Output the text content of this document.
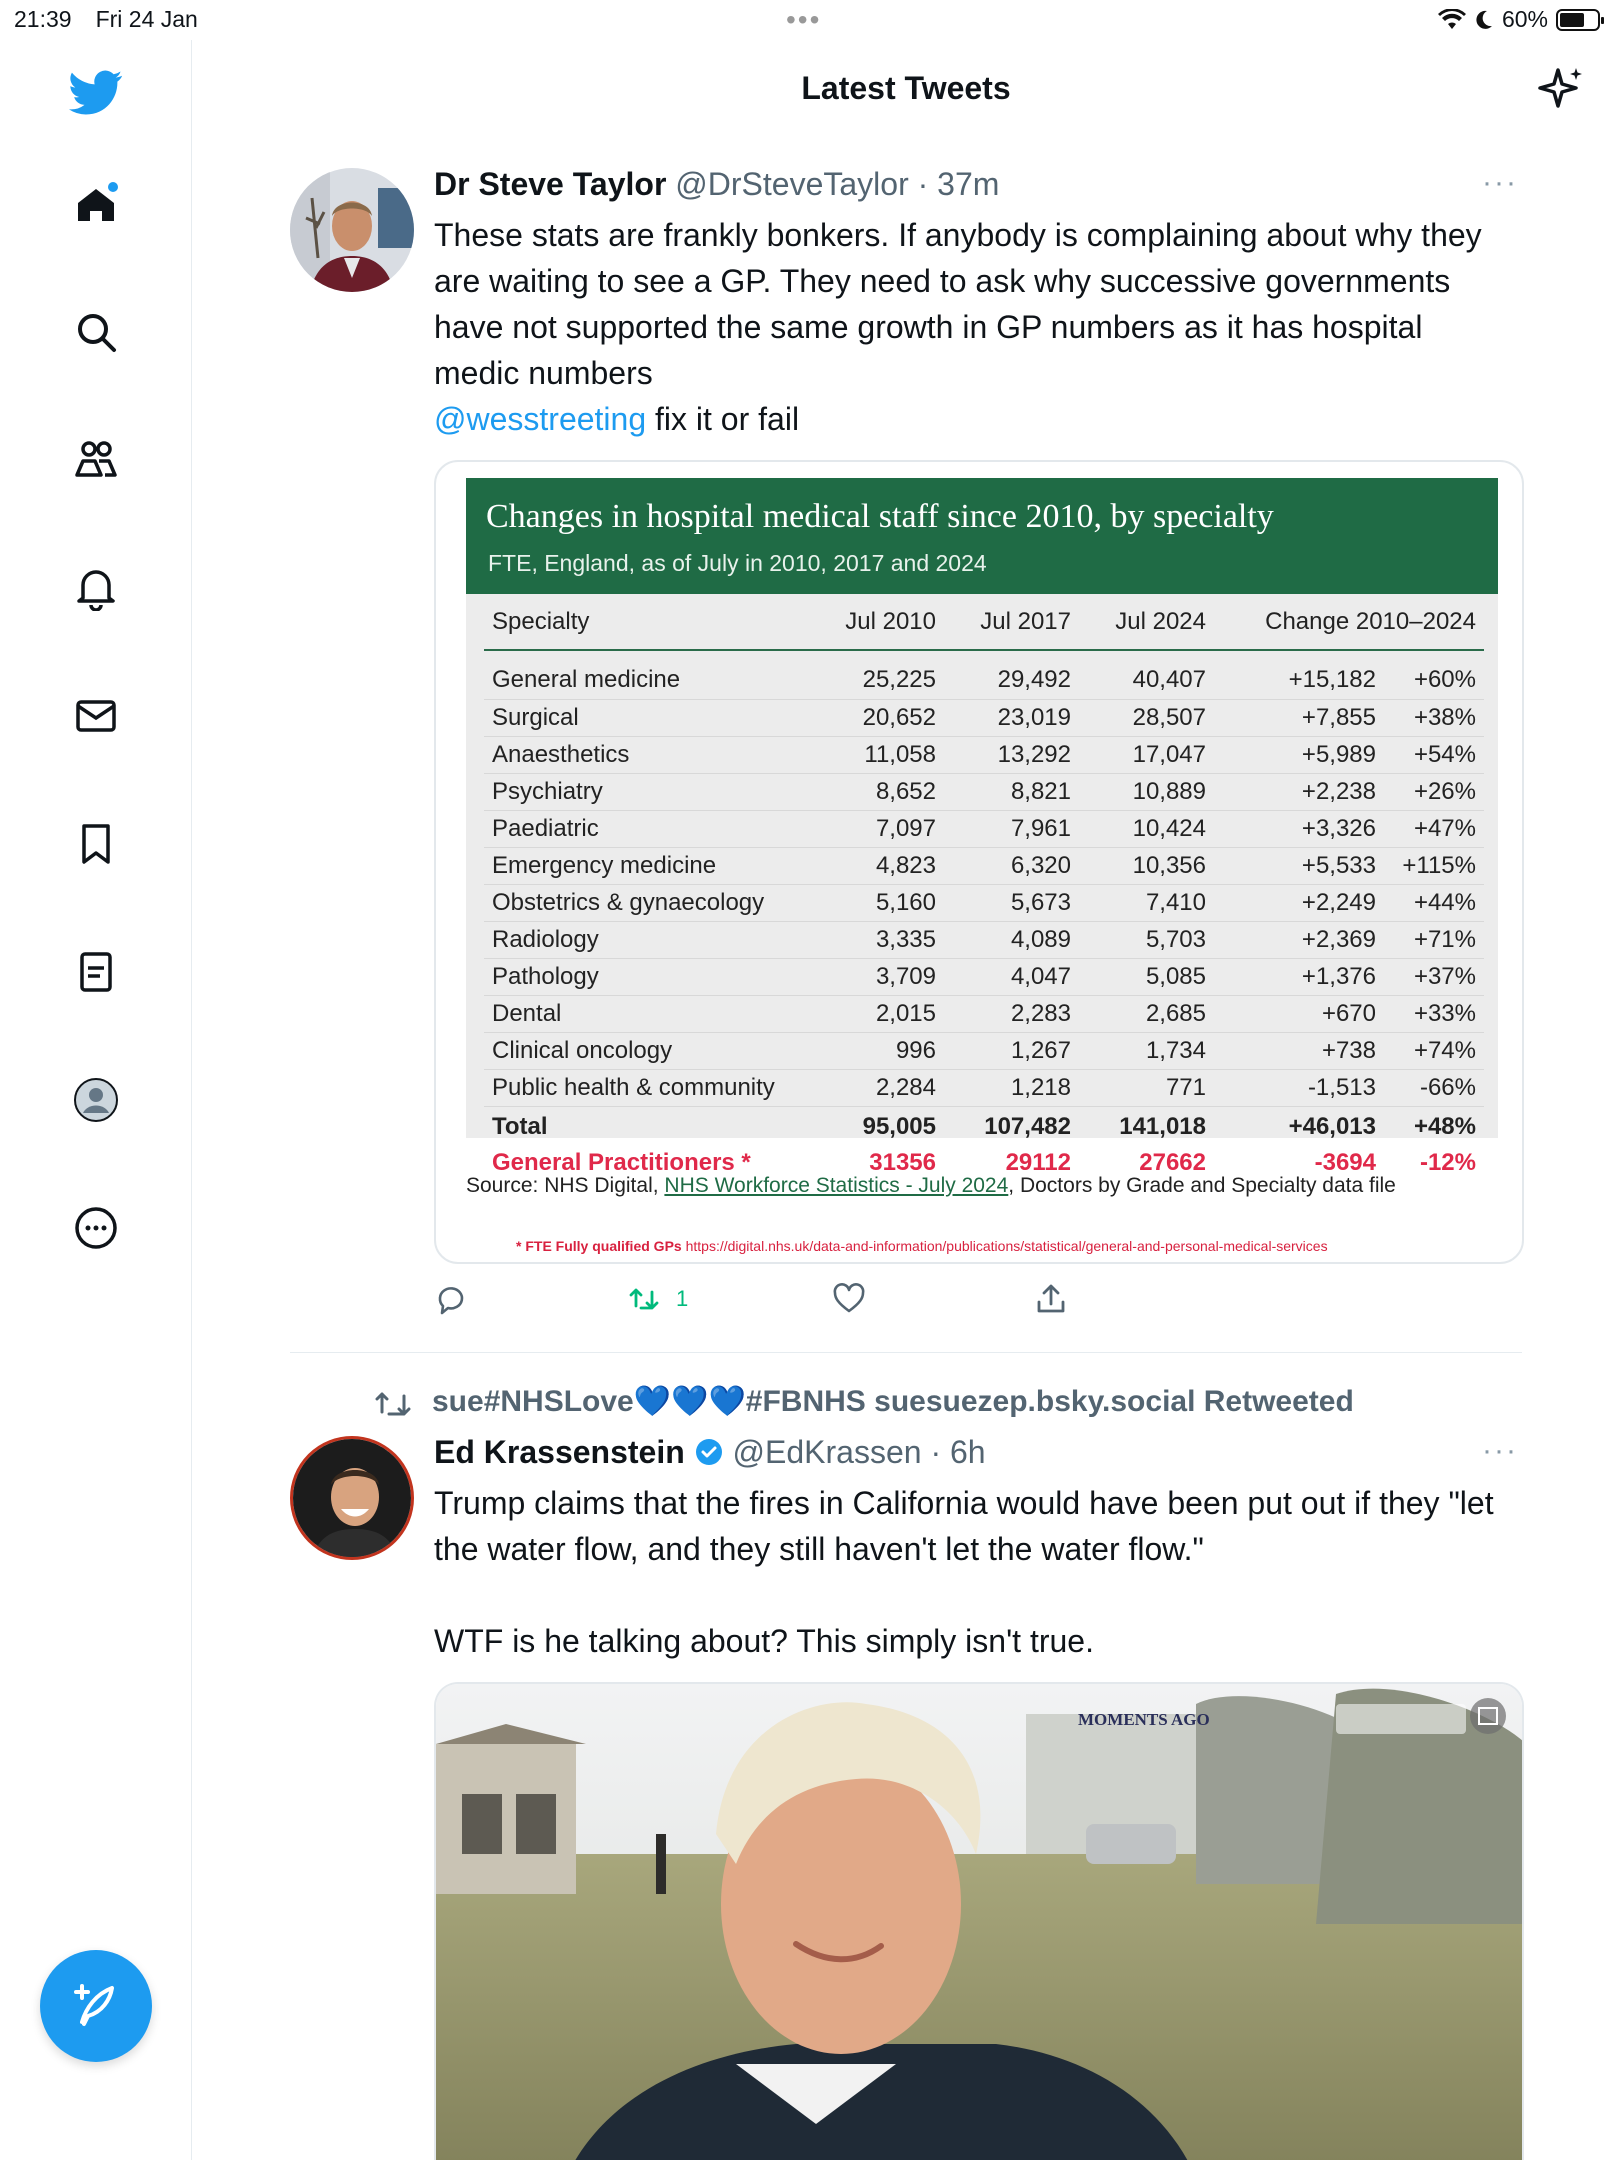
21:39 Fri 24 Jan	•••	60%
Latest Tweets
Dr Steve Taylor @DrSteveTaylor · 37m	···
These stats are frankly bonkers. If anybody is complaining about why they are waiting to see a GP. They need to ask why successive governments have not supported the same growth in GP numbers as it has hospital medic numbers
@wesstreeting fix it or fail
Changes in hospital medical staff since 2010, by specialty
FTE, England, as of July in 2010, 2017 and 2024
Specialty	Jul 2010	Jul 2017	Jul 2024	Change 2010–2024	

General medicine	25,225	29,492	40,407	+15,182	+60%
Surgical	20,652	23,019	28,507	+7,855	+38%
Anaesthetics	11,058	13,292	17,047	+5,989	+54%
Psychiatry	8,652	8,821	10,889	+2,238	+26%
Paediatric	7,097	7,961	10,424	+3,326	+47%
Emergency medicine	4,823	6,320	10,356	+5,533	+115%
Obstetrics & gynaecology	5,160	5,673	7,410	+2,249	+44%
Radiology	3,335	4,089	5,703	+2,369	+71%
Pathology	3,709	4,047	5,085	+1,376	+37%
Dental	2,015	2,283	2,685	+670	+33%
Clinical oncology	996	1,267	1,734	+738	+74%
Public health & community	2,284	1,218	771	-1,513	-66%
Total	95,005	107,482	141,018	+46,013	+48%
General Practitioners *	31356	29112	27662	-3694	-12%
Source: NHS Digital, NHS Workforce Statistics - July 2024, Doctors by Grade and Specialty data file
* FTE Fully qualified GPs https://digital.nhs.uk/data-and-information/publications/statistical/general-and-personal-medical-services
1
sue#NHSLove💙💙💙#FBNHS suesuezep.bsky.social Retweeted
Ed Krassenstein @EdKrassen · 6h	···
Trump claims that the fires in California would have been put out if they "let the water flow, and they still haven't let the water flow."

WTF is he talking about? This simply isn't true.
MOMENTS AGO
